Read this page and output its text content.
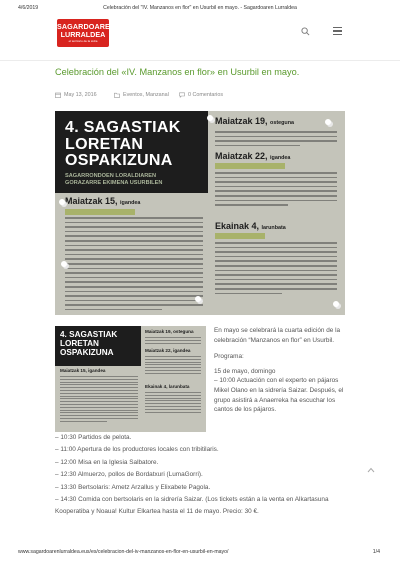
4/6/2019	Celebración del "IV. Manzanos en flor" en Usurbil en mayo. - Sagardoaren Lurraldea
SAGARDOAREN
LURRALDEA
el territorio de la sidra
Celebración del «IV. Manzanos en flor» en Usurbil en mayo.
May 13, 2016	Eventos, Manzanal	0 Comentarios
4. SAGASTIAK
LORETAN
OSPAKIZUNA
SAGARRONDOEN LORALDIAREN
GORAZARRE EKIMENA USURBILEN
Maiatzak 19, osteguna
Maiatzak 22, igandea
Ekainak 4, larunbata
Maiatzak 15, igandea
4. SAGASTIAK
LORETAN
OSPAKIZUNA
Maiatzak 19, osteguna
Maiatzak 22, igandea
Ekainak 4, larunbata
Maiatzak 15, igandea

En mayo se celebrará la cuarta edición de la celebración “Manzanos en flor” en Usurbil.

Programa:

15 de mayo, domingo

– 10:00 Actuación con el experto en pájaros Mikel Olano en la sidrería Saizar. Después, el grupo asistirá a Anaerreka ha escuchar los cantos de los pájaros.

– 10:30 Partidos de pelota.
– 11:00 Apertura de los productores locales con tribitilaris.
– 12:00 Misa en la Iglesia Salbatore.
– 12:30 Almuerzo, pollos de Bordatxuri (LumaGorri).
– 13:30 Bertsolaris: Ametz Arzallus y Elixabete Pagola.
– 14:30 Comida con bertsolaris en la sidrería Saizar. (Los tickets están a la venta en Alkartasuna Kooperatiba y Noaua! Kultur Elkartea hasta el 11 de mayo. Precio: 30 €.
www.sagardoarenlurraldea.eus/es/celebracion-del-iv-manzanos-en-flor-en-usurbil-en-mayo/	1/4
